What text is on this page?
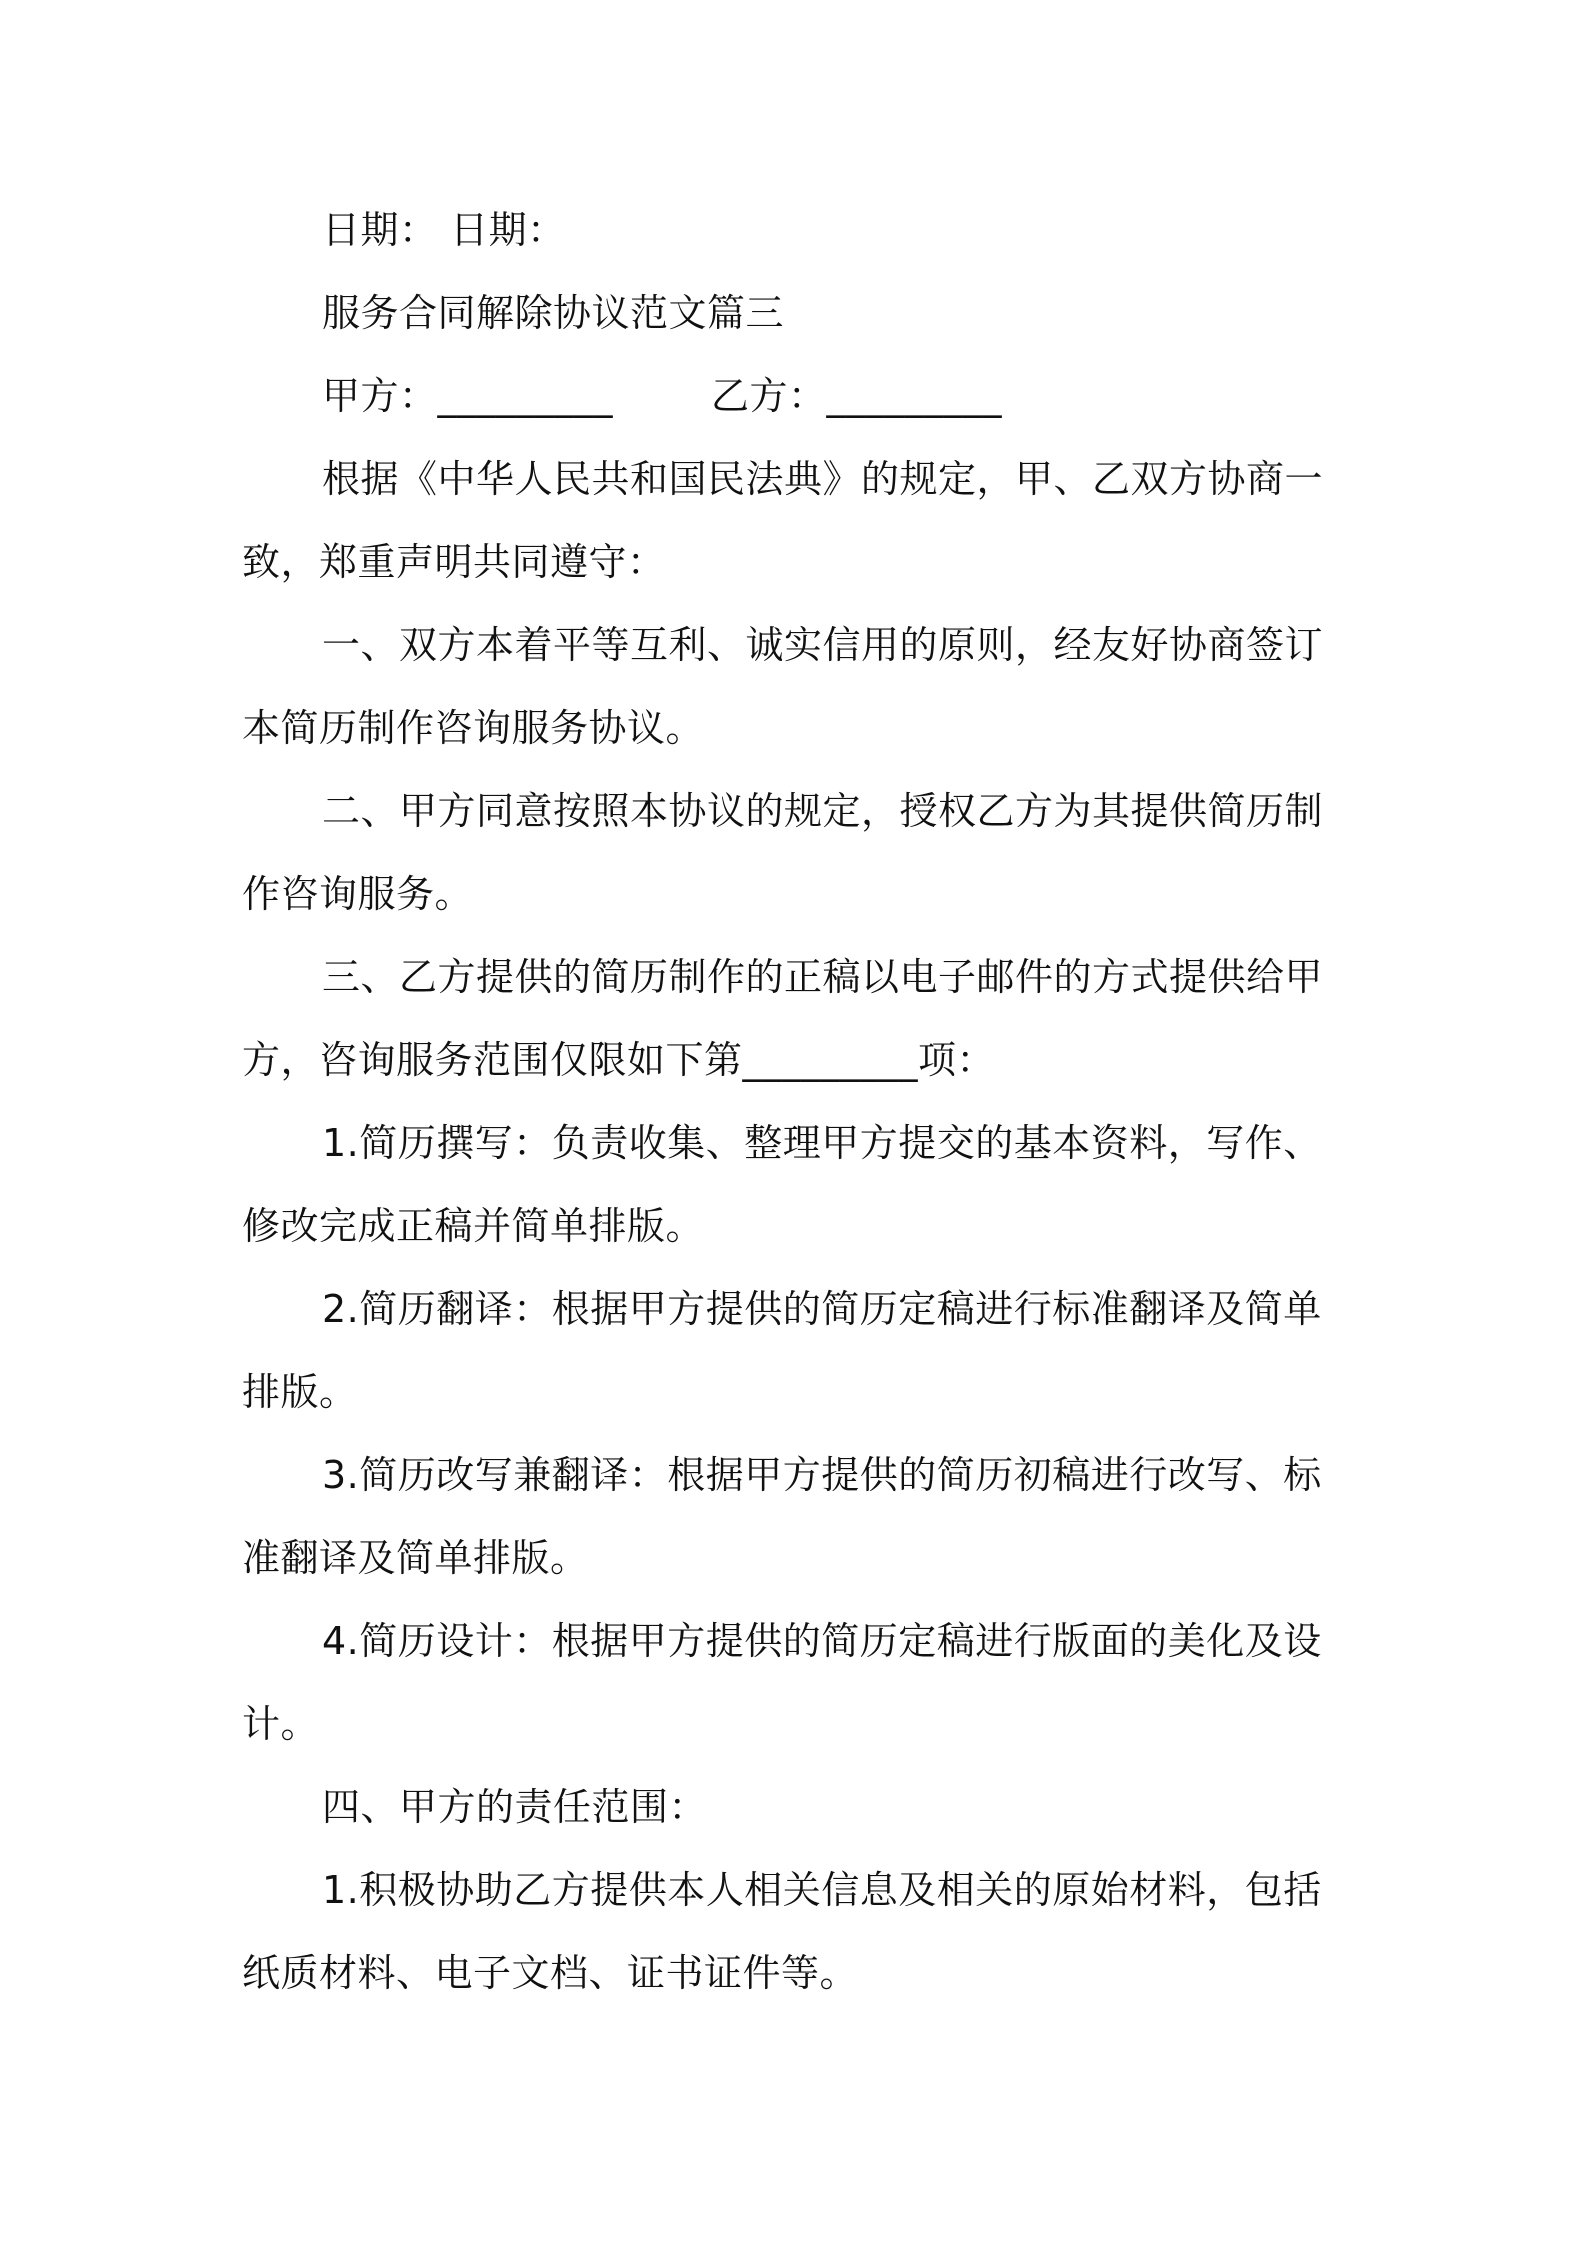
日期： 日期：
服务合同解除协议范文篇三
甲方：_________	乙方：_________
根据《中华人民共和国民法典》的规定，甲、乙双方协商一
致，郑重声明共同遵守：
一、双方本着平等互利、诚实信用的原则，经友好协商签订
本简历制作咨询服务协议。
二、甲方同意按照本协议的规定，授权乙方为其提供简历制
作咨询服务。
三、乙方提供的简历制作的正稿以电子邮件的方式提供给甲
方，咨询服务范围仅限如下第_________项：
1.简历撰写：负责收集、整理甲方提交的基本资料，写作、
修改完成正稿并简单排版。
2.简历翻译：根据甲方提供的简历定稿进行标准翻译及简单
排版。
3.简历改写兼翻译：根据甲方提供的简历初稿进行改写、标
准翻译及简单排版。
4.简历设计：根据甲方提供的简历定稿进行版面的美化及设
计。
四、甲方的责任范围：
1.积极协助乙方提供本人相关信息及相关的原始材料，包括
纸质材料、电子文档、证书证件等。
